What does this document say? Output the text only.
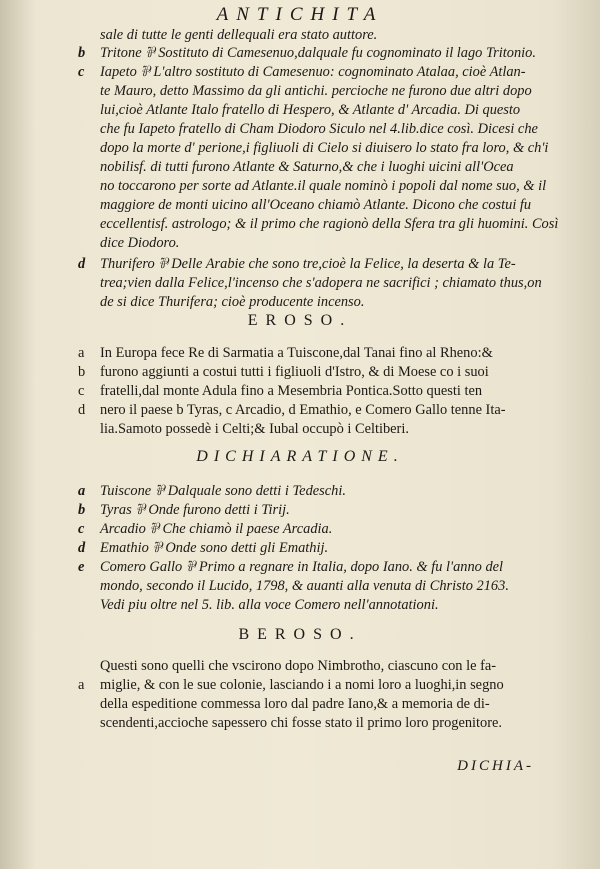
ANTICHITA
sale di tutte le genti dellequali era stato auttore.
b
c
Tritone ⅌ Sostituto di Camesenuo,dalquale fu cognominato il lago Tritonio.
Iapeto ⅌ L'altro sostituto di Camesenuo: cognominato Atalaa, cioè Atlan-
te Mauro, detto Massimo da gli antichi. percioche ne furono due altri dopo
lui,cioè Atlante Italo fratello di Hespero, & Atlante d' Arcadia. Di questo
che fu Iapeto fratello di Cham Diodoro Siculo nel 4.lib.dice così. Dicesi che
dopo la morte d' perione,i figliuoli di Cielo si diuisero lo stato fra loro, & ch'i
nobilisf. di tutti furono Atlante & Saturno,& che i luoghi uicini all'Ocea
no toccarono per sorte ad Atlante.il quale nominò i popoli dal nome suo, & il
maggiore de monti uicino all'Oceano chiamò Atlante. Dicono che costui fu
eccellentisf. astrologo; & il primo che ragionò della Sfera tra gli huomini. Così
dice Diodoro.
d Thurifero ⅌ Delle Arabie che sono tre,cioè la Felice, la deserta & la Te-
trea;vien dalla Felice,l'incenso che s'adopera ne sacrifici ; chiamato thus,on
de si dice Thurifera; cioè producente incenso.
EROSO.
a
b
c
d
In Europa fece Re di Sarmatia a Tuiscone,dal Tanai fino al Rheno:&
furono aggiunti a costui tutti i figliuoli d'Istro, & di Moese co i suoi
fratelli,dal monte Adula fino a Mesembria Pontica.Sotto questi ten
nero il paese b Tyras, c Arcadio, d Emathio, e Comero Gallo tenne Ita-
lia.Samoto possedè i Celti;& Iubal occupò i Celtiberi.
DICHIARATIONE.
a
b
c
d
e
Tuiscone ⅌ Dalquale sono detti i Tedeschi.
Tyras ⅌ Onde furono detti i Tirij.
Arcadio ⅌ Che chiamò il paese Arcadia.
Emathio ⅌ Onde sono detti gli Emathij.
Comero Gallo ⅌ Primo a regnare in Italia, dopo Iano. & fu l'anno del
mondo, secondo il Lucido, 1798, & auanti alla venuta di Christo 2163.
Vedi piu oltre nel 5. lib. alla voce Comero nell'annotationi.
BEROSO.
a
Questi sono quelli che vscirono dopo Nimbrotho, ciascuno con le fa-
miglie, & con le sue colonie, lasciando i a nomi loro a luoghi,in segno
della espeditione commessa loro dal padre Iano,& a memoria de di-
scendenti,accioche sapessero chi fosse stato il primo loro progenitore.
DICHIA-
